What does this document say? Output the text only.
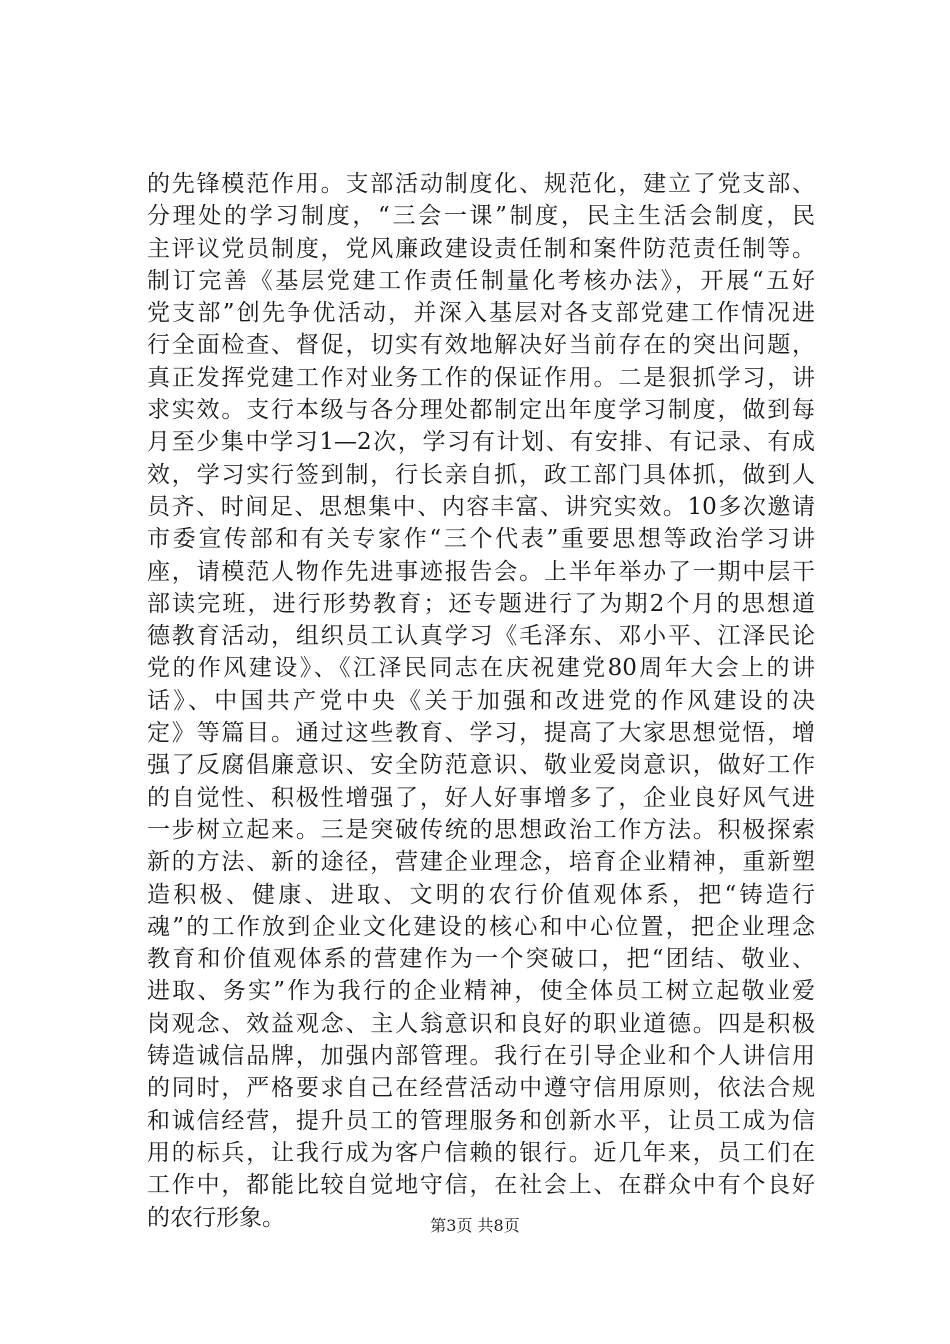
的先锋模范作用。支部活动制度化、规范化，建立了党支部、
分理处的学习制度，“三会一课”制度，民主生活会制度，民
主评议党员制度，党风廉政建设责任制和案件防范责任制等。
制订完善《基层党建工作责任制量化考核办法》，开展“五好
党支部”创先争优活动，并深入基层对各支部党建工作情况进
行全面检查、督促，切实有效地解决好当前存在的突出问题，
真正发挥党建工作对业务工作的保证作用。二是狠抓学习，讲
求实效。支行本级与各分理处都制定出年度学习制度，做到每
月至少集中学习1—2次，学习有计划、有安排、有记录、有成
效，学习实行签到制，行长亲自抓，政工部门具体抓，做到人
员齐、时间足、思想集中、内容丰富、讲究实效。10多次邀请
市委宣传部和有关专家作“三个代表”重要思想等政治学习讲
座，请模范人物作先进事迹报告会。上半年举办了一期中层干
部读完班，进行形势教育；还专题进行了为期2个月的思想道
德教育活动，组织员工认真学习《毛泽东、邓小平、江泽民论
党的作风建设》、《江泽民同志在庆祝建党80周年大会上的讲
话》、中国共产党中央《关于加强和改进党的作风建设的决
定》等篇目。通过这些教育、学习，提高了大家思想觉悟，增
强了反腐倡廉意识、安全防范意识、敬业爱岗意识，做好工作
的自觉性、积极性增强了，好人好事增多了，企业良好风气进
一步树立起来。三是突破传统的思想政治工作方法。积极探索
新的方法、新的途径，营建企业理念，培育企业精神，重新塑
造积极、健康、进取、文明的农行价值观体系，把“铸造行
魂”的工作放到企业文化建设的核心和中心位置，把企业理念
教育和价值观体系的营建作为一个突破口，把“团结、敬业、
进取、务实”作为我行的企业精神，使全体员工树立起敬业爱
岗观念、效益观念、主人翁意识和良好的职业道德。四是积极
铸造诚信品牌，加强内部管理。我行在引导企业和个人讲信用
的同时，严格要求自己在经营活动中遵守信用原则，依法合规
和诚信经营，提升员工的管理服务和创新水平，让员工成为信
用的标兵，让我行成为客户信赖的银行。近几年来，员工们在
工作中，都能比较自觉地守信，在社会上、在群众中有个良好
的农行形象。	第3页 共8页
